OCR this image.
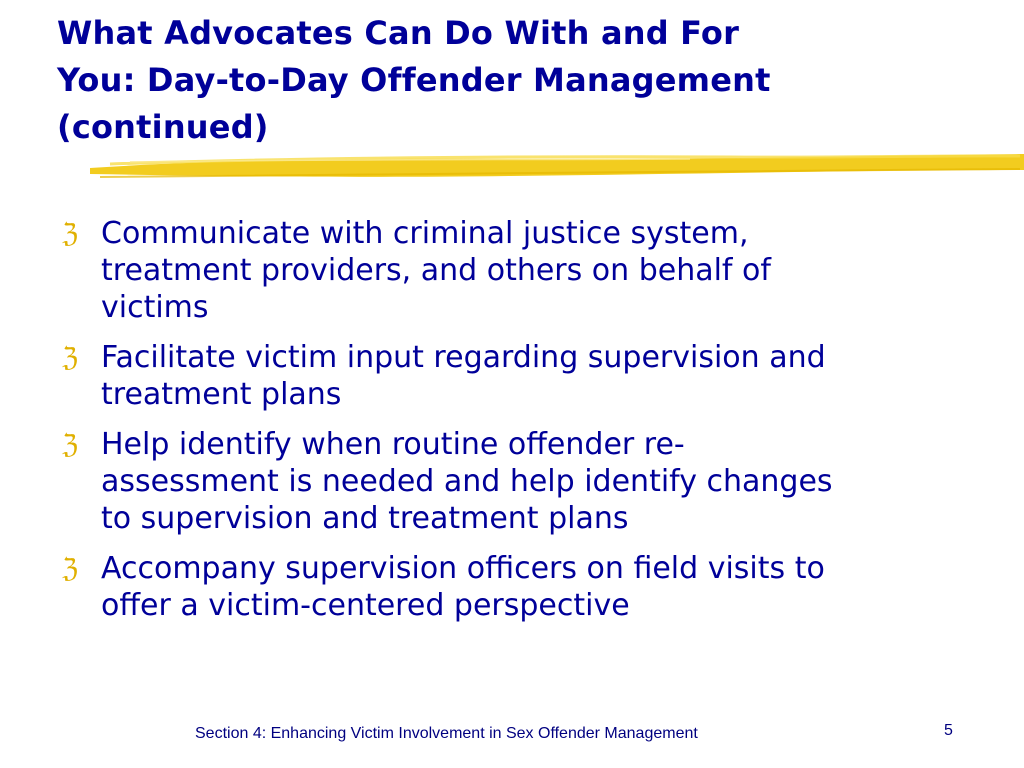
What Advocates Can Do With and For
You: Day-to-Day Offender Management
(continued)
ℨ Communicate with criminal justice system,
treatment providers, and others on behalf of
victims
ℨ Facilitate victim input regarding supervision and
treatment plans
ℨ Help identify when routine offender re-
assessment is needed and help identify changes
to supervision and treatment plans
ℨ Accompany supervision officers on field visits to
offer a victim-centered perspective
Section 4: Enhancing Victim Involvement in Sex Offender Management	5
